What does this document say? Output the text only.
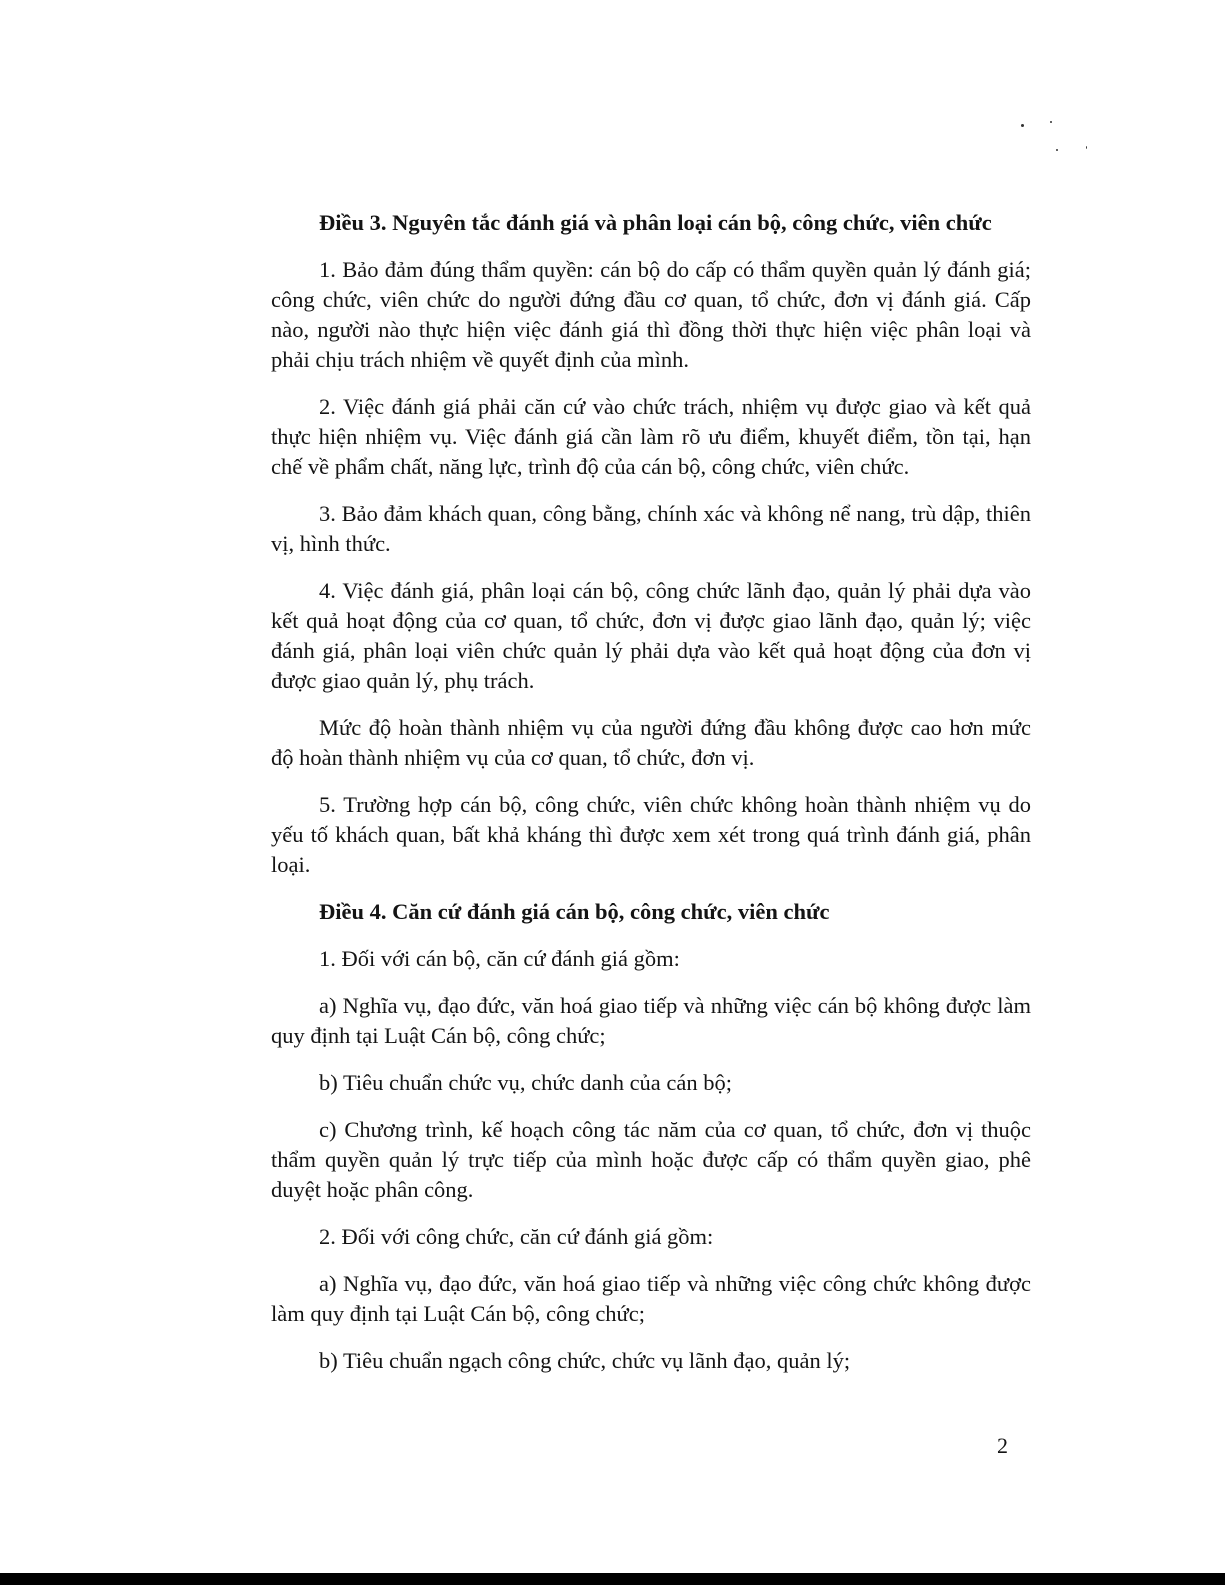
Điều 3. Nguyên tắc đánh giá và phân loại cán bộ, công chức, viên chức

1. Bảo đảm đúng thẩm quyền: cán bộ do cấp có thẩm quyền quản lý đánh giá; công chức, viên chức do người đứng đầu cơ quan, tổ chức, đơn vị đánh giá. Cấp nào, người nào thực hiện việc đánh giá thì đồng thời thực hiện việc phân loại và phải chịu trách nhiệm về quyết định của mình.

2. Việc đánh giá phải căn cứ vào chức trách, nhiệm vụ được giao và kết quả thực hiện nhiệm vụ. Việc đánh giá cần làm rõ ưu điểm, khuyết điểm, tồn tại, hạn chế về phẩm chất, năng lực, trình độ của cán bộ, công chức, viên chức.

3. Bảo đảm khách quan, công bằng, chính xác và không nể nang, trù dập, thiên vị, hình thức.

4. Việc đánh giá, phân loại cán bộ, công chức lãnh đạo, quản lý phải dựa vào kết quả hoạt động của cơ quan, tổ chức, đơn vị được giao lãnh đạo, quản lý; việc đánh giá, phân loại viên chức quản lý phải dựa vào kết quả hoạt động của đơn vị được giao quản lý, phụ trách.

Mức độ hoàn thành nhiệm vụ của người đứng đầu không được cao hơn mức độ hoàn thành nhiệm vụ của cơ quan, tổ chức, đơn vị.

5. Trường hợp cán bộ, công chức, viên chức không hoàn thành nhiệm vụ do yếu tố khách quan, bất khả kháng thì được xem xét trong quá trình đánh giá, phân loại.

Điều 4. Căn cứ đánh giá cán bộ, công chức, viên chức

1. Đối với cán bộ, căn cứ đánh giá gồm:

a) Nghĩa vụ, đạo đức, văn hoá giao tiếp và những việc cán bộ không được làm quy định tại Luật Cán bộ, công chức;

b) Tiêu chuẩn chức vụ, chức danh của cán bộ;

c) Chương trình, kế hoạch công tác năm của cơ quan, tổ chức, đơn vị thuộc thẩm quyền quản lý trực tiếp của mình hoặc được cấp có thẩm quyền giao, phê duyệt hoặc phân công.

2. Đối với công chức, căn cứ đánh giá gồm:

a) Nghĩa vụ, đạo đức, văn hoá giao tiếp và những việc công chức không được làm quy định tại Luật Cán bộ, công chức;

b) Tiêu chuẩn ngạch công chức, chức vụ lãnh đạo, quản lý;

2
